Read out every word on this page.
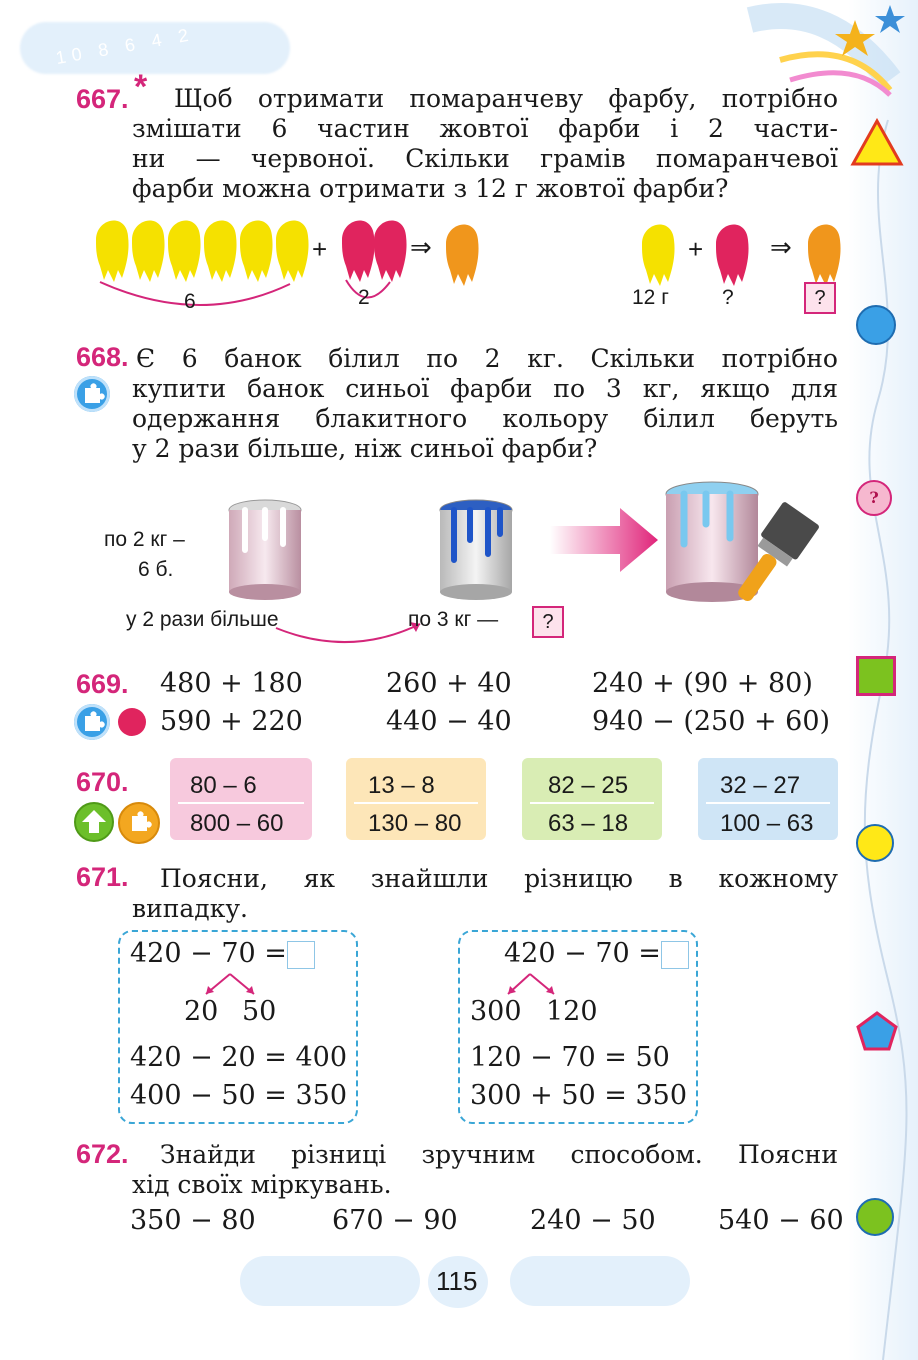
10 8 6 4 2
?
667. *	Щоб отримати помаранчеву фарбу, потрібно
змішати 6 частин жовтої фарби і 2 части-
ни — червоної. Скільки грамів помаранчевої
фарби можна отримати з 12 г жовтої фарби?
+	⇒
6	2
+	⇒
12 г	?	?
668. Є 6 банок білил по 2 кг. Скільки потрібно
купити банок синьої фарби по 3 кг, якщо для
одержання блакитного кольору білил беруть
у 2 рази більше, ніж синьої фарби?
по 2 кг –
6 б.
у 2 рази більше	по 3 кг —	?
669. 480 + 180	260 + 40	240 + (90 + 80)
590 + 220	440 − 40	940 − (250 + 60)
670.	80 – 6
800 – 60
13 – 8
130 – 80
82 – 25
63 – 18
32 – 27
100 – 63
671.	Поясни, як знайшли різницю в кожному
випадку.
420 − 70 =
20 50
420 − 20 = 400
400 − 50 = 350
420 − 70 =
300 120
120 − 70 = 50
300 + 50 = 350
672.	Знайди різниці зручним способом. Поясни
хід своїх міркувань.
350 − 80	670 − 90	240 − 50 540 − 60
115
